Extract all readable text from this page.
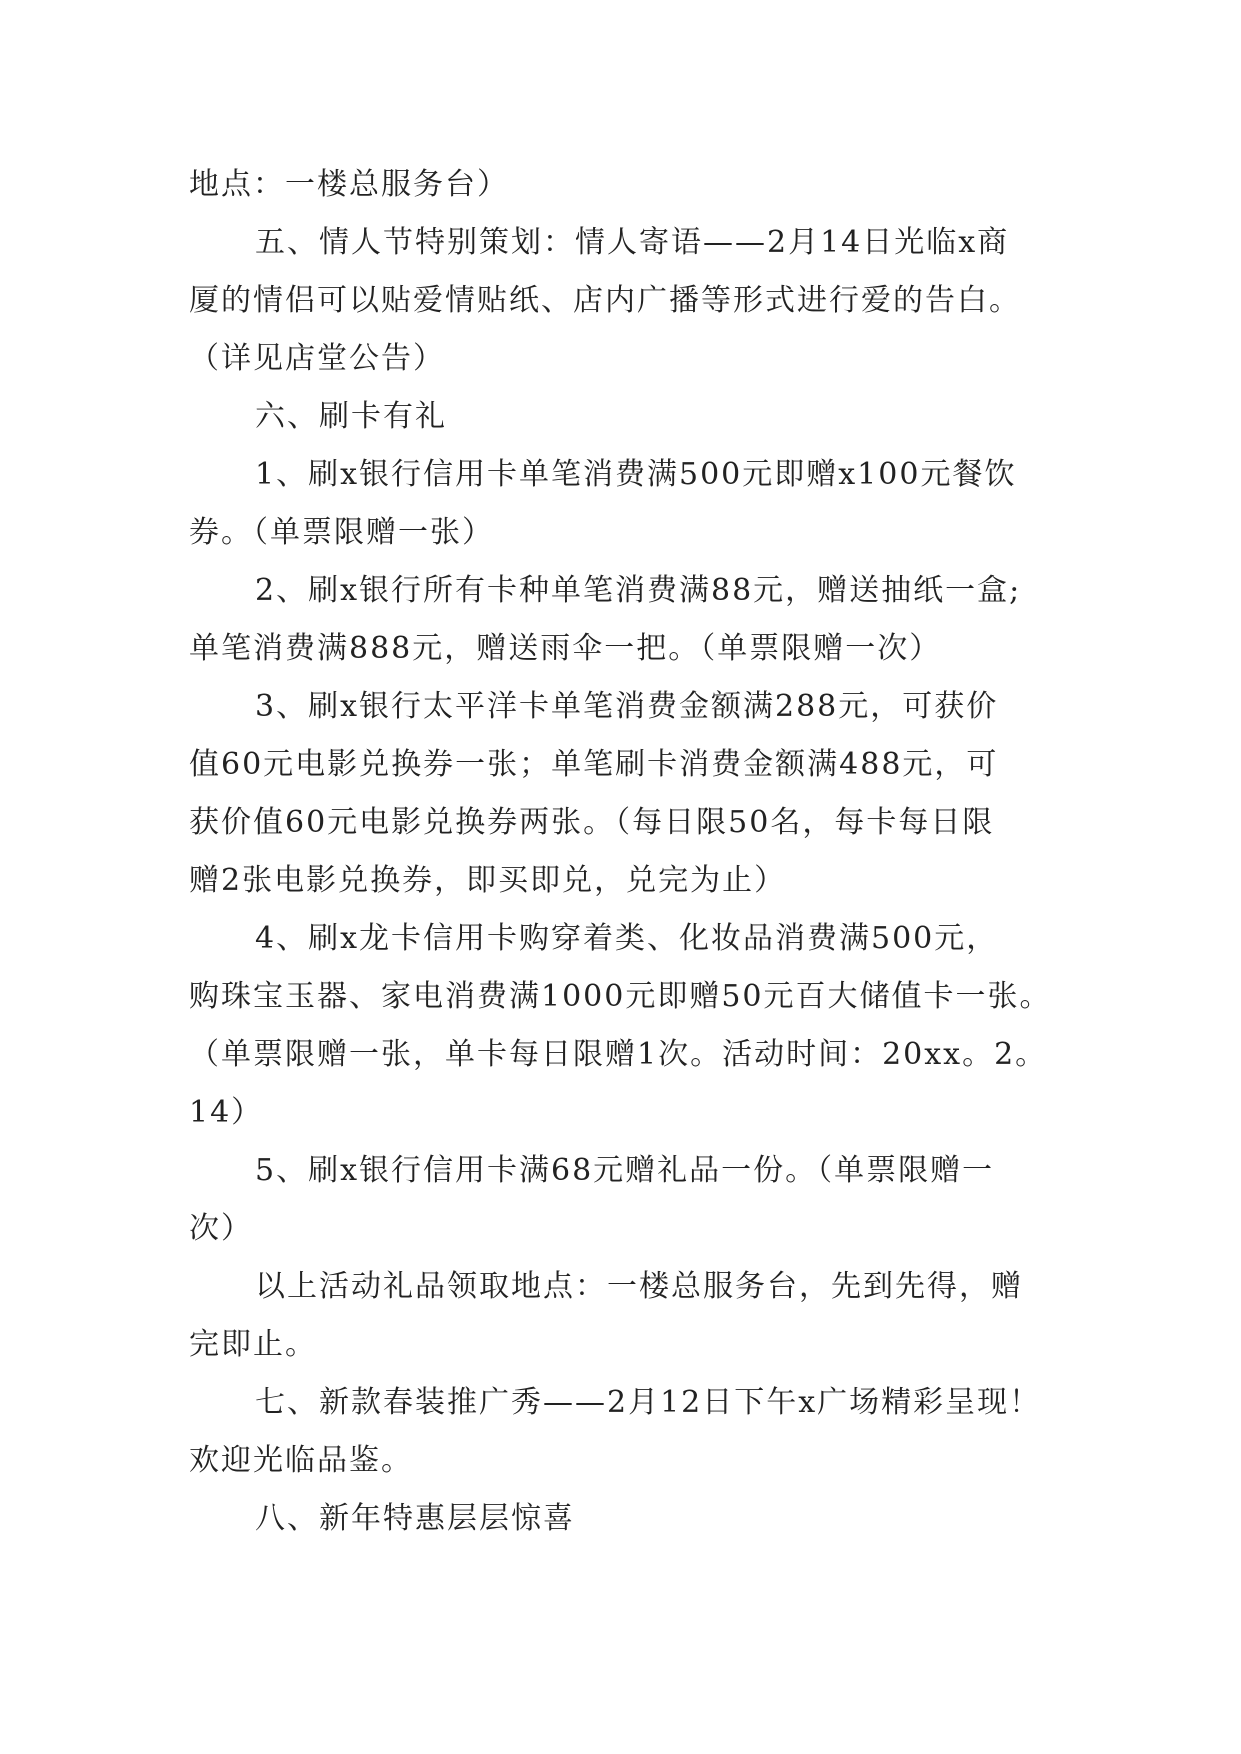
地点：一楼总服务台）
五、情人节特别策划：情人寄语——2月14日光临x商
厦的情侣可以贴爱情贴纸、店内广播等形式进行爱的告白。
（详见店堂公告）
六、刷卡有礼
1、刷x银行信用卡单笔消费满500元即赠x100元餐饮
券。（单票限赠一张）
2、刷x银行所有卡种单笔消费满88元，赠送抽纸一盒;
单笔消费满888元，赠送雨伞一把。（单票限赠一次）
3、刷x银行太平洋卡单笔消费金额满288元，可获价
值60元电影兑换券一张；单笔刷卡消费金额满488元，可
获价值60元电影兑换券两张。（每日限50名，每卡每日限
赠2张电影兑换券，即买即兑，兑完为止）
4、刷x龙卡信用卡购穿着类、化妆品消费满500元，
购珠宝玉器、家电消费满1000元即赠50元百大储值卡一张。
（单票限赠一张，单卡每日限赠1次。活动时间：20xx。2。
14）
5、刷x银行信用卡满68元赠礼品一份。（单票限赠一
次）
以上活动礼品领取地点：一楼总服务台，先到先得，赠
完即止。
七、新款春装推广秀——2月12日下午x广场精彩呈现！
欢迎光临品鉴。
八、新年特惠层层惊喜
